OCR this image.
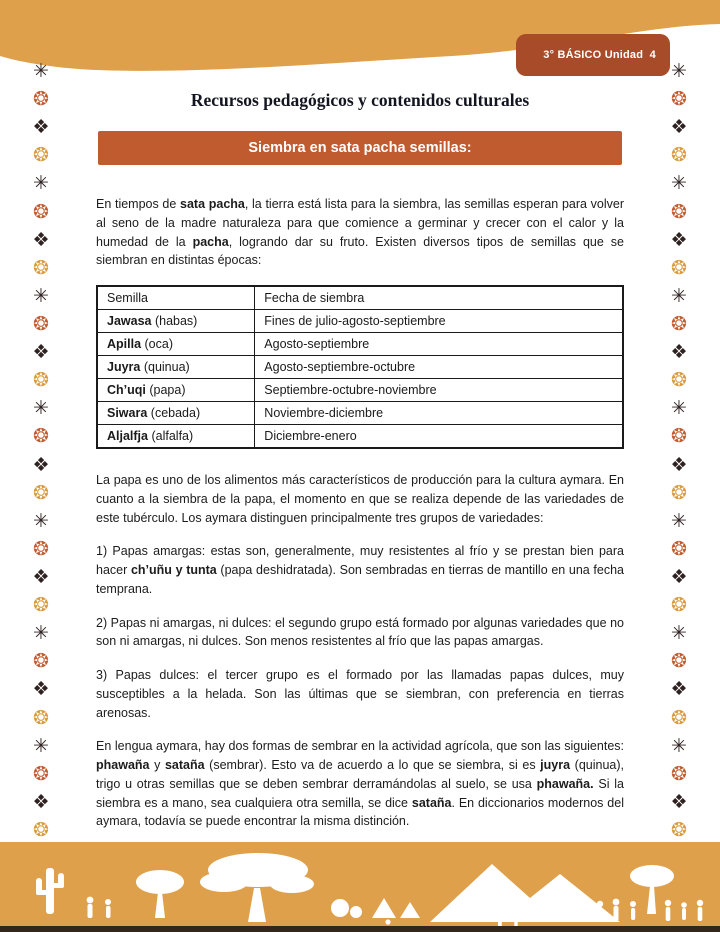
3° BÁSICO Unidad  4

✳
❂
❖
❂
✳
❂
❖
❂
✳
❂
❖
❂
✳
❂
❖
❂
✳
❂
❖
❂
✳
❂
❖
❂
✳
❂
❖
❂
✳
❂
❖
❂
✳
❂
❖
❂
✳
❂
❖
❂
✳
❂
❖
❂
✳
❂
❖
❂
✳
❂
❖
❂
✳
❂
❖
❂
Recursos pedagógicos y contenidos culturales
Siembra en sata pacha semillas:

En tiempos de sata pacha, la tierra está lista para la siembra, las semillas esperan para volver al seno de la madre naturaleza para que comience a germinar y crecer con el calor y la humedad de la pacha, logrando dar su fruto. Existen diversos tipos de semillas que se siembran en distintas épocas:

Semilla	Fecha de siembra
Jawasa (habas)	Fines de julio-agosto-septiembre
Apilla (oca)	Agosto-septiembre
Juyra (quinua)	Agosto-septiembre-octubre
Ch’uqi (papa)	Septiembre-octubre-noviembre
Siwara (cebada)	Noviembre-diciembre
Aljalfja (alfalfa)	Diciembre-enero

La papa es uno de los alimentos más característicos de producción para la cultura aymara. En cuanto a la siembra de la papa, el momento en que se realiza depende de las variedades de este tubérculo. Los aymara distinguen principalmente tres grupos de variedades:

1) Papas amargas: estas son, generalmente, muy resistentes al frío y se prestan bien para hacer ch’uñu y tunta (papa deshidratada). Son sembradas en tierras de mantillo en una fecha temprana.

2) Papas ni amargas, ni dulces: el segundo grupo está formado por algunas variedades que no son ni amargas, ni dulces. Son menos resistentes al frío que las papas amargas.

3) Papas dulces: el tercer grupo es el formado por las llamadas papas dulces, muy susceptibles a la helada. Son las últimas que se siembran, con preferencia en tierras arenosas.

En lengua aymara, hay dos formas de sembrar en la actividad agrícola, que son las siguientes: phawaña y sataña (sembrar). Esto va de acuerdo a lo que se siembra, si es juyra (quinua), trigo u otras semillas que se deben sembrar derramándolas al suelo, se usa phawaña. Si la siembra es a mano, sea cualquiera otra semilla, se dice sataña. En diccionarios modernos del aymara, todavía se puede encontrar la misma distinción.
